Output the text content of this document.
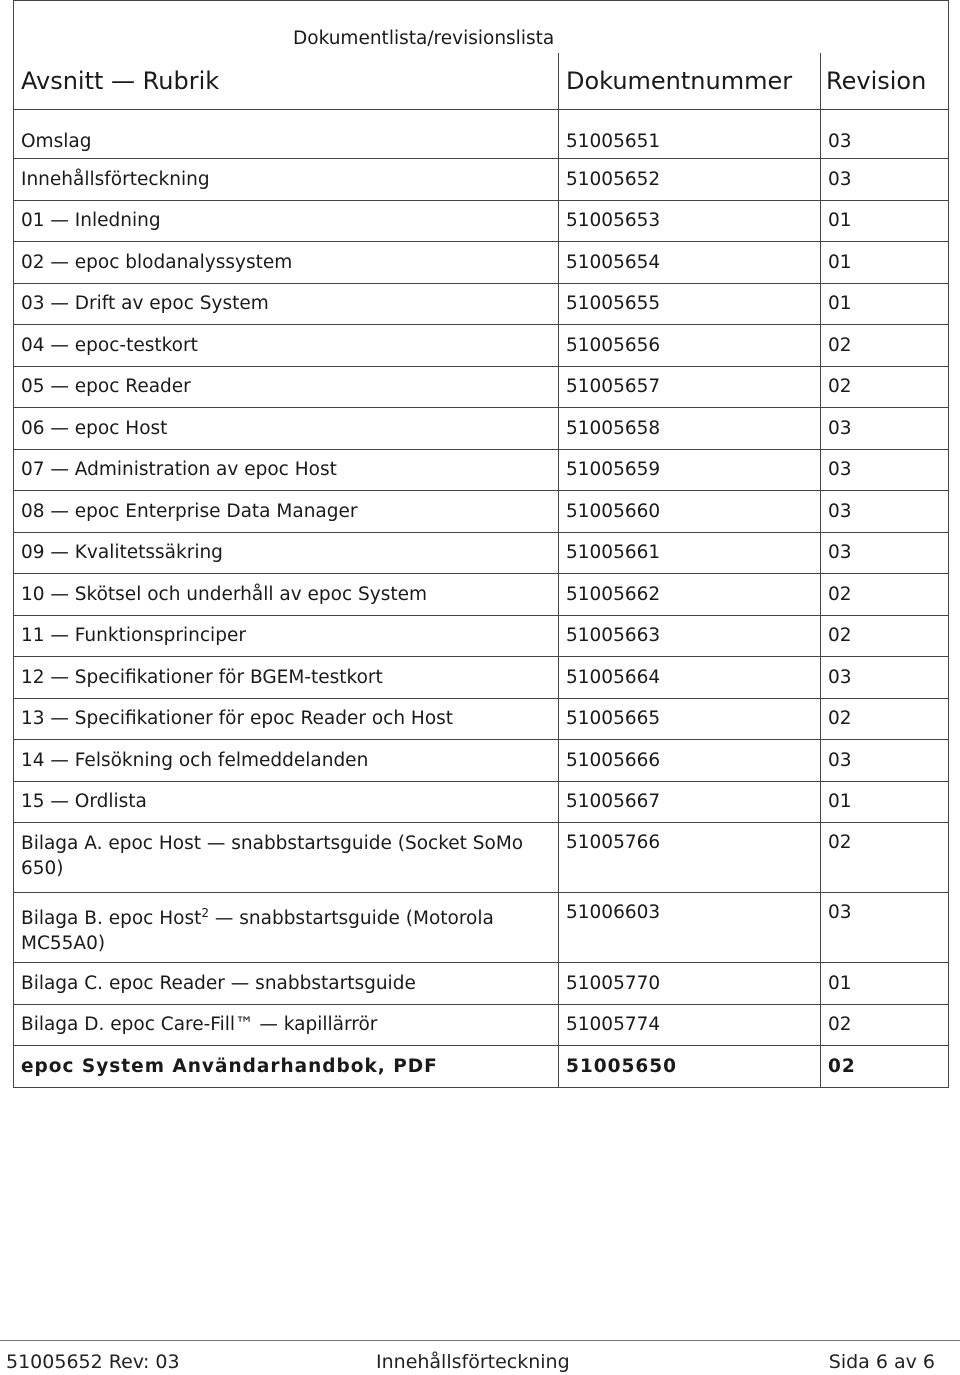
Dokumentlista/revisionslista		
Avsnitt — Rubrik	Dokumentnummer	Revision
Omslag	51005651	03
Innehållsförteckning	51005652	03
01 — Inledning	51005653	01
02 — epoc blodanalyssystem	51005654	01
03 — Drift av epoc System	51005655	01
04 — epoc-testkort	51005656	02
05 — epoc Reader	51005657	02
06 — epoc Host	51005658	03
07 — Administration av epoc Host	51005659	03
08 — epoc Enterprise Data Manager	51005660	03
09 — Kvalitetssäkring	51005661	03
10 — Skötsel och underhåll av epoc System	51005662	02
11 — Funktionsprinciper	51005663	02
12 — Specifikationer för BGEM-testkort	51005664	03
13 — Specifikationer för epoc Reader och Host	51005665	02
14 — Felsökning och felmeddelanden	51005666	03
15 — Ordlista	51005667	01
Bilaga A. epoc Host — snabbstartsguide (Socket SoMo 650)	51005766	02
Bilaga B. epoc Host$^2$ — snabbstartsguide (Motorola MC55A0)	51006603	03
Bilaga C. epoc Reader — snabbstartsguide	51005770	01
Bilaga D. epoc Care-Fill™ — kapillärrör	51005774	02
epoc System Användarhandbok, PDF	51005650	02
51005652 Rev: 03	Innehållsförteckning	Sida 6 av 6
